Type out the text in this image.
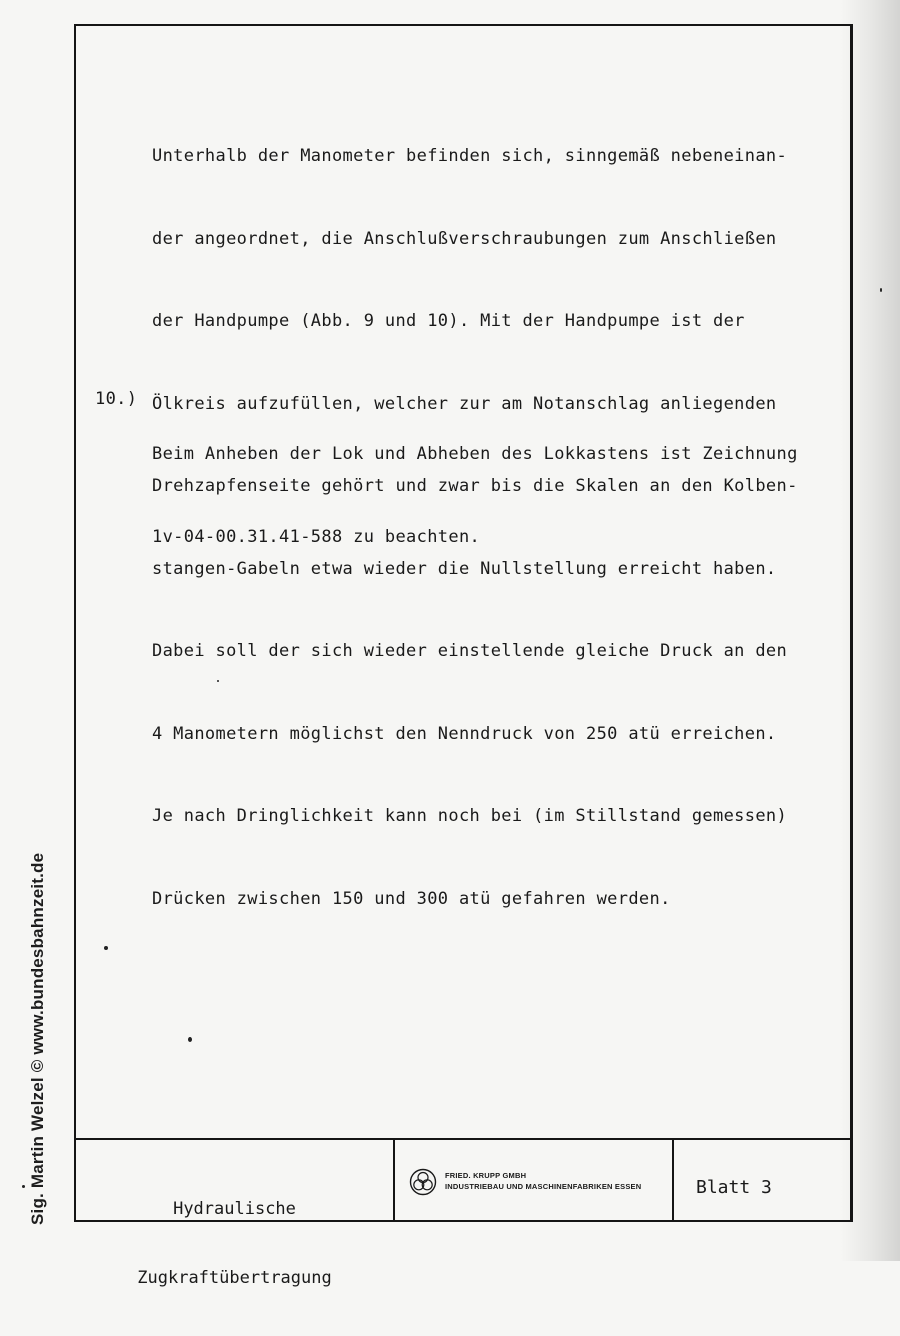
Unterhalb der Manometer befinden sich, sinngemäß nebeneinan-

der angeordnet, die Anschlußverschraubungen zum Anschließen

der Handpumpe (Abb. 9 und 10). Mit der Handpumpe ist der

Ölkreis aufzufüllen, welcher zur am Notanschlag anliegenden

Drehzapfenseite gehört und zwar bis die Skalen an den Kolben-

stangen-Gabeln etwa wieder die Nullstellung erreicht haben.

Dabei soll der sich wieder einstellende gleiche Druck an den

4 Manometern möglichst den Nenndruck von 250 atü erreichen.

Je nach Dringlichkeit kann noch bei (im Stillstand gemessen)

Drücken zwischen 150 und 300 atü gefahren werden.

10.)

Beim Anheben der Lok und Abheben des Lokkastens ist Zeichnung

1v-04-00.31.41-588 zu beachten.

Hydraulische

Zugkraftübertragung

FRIED. KRUPP GMBH
INDUSTRIEBAU UND MASCHINENFABRIKEN ESSEN	Blatt 3
Sig. Martin Welzel © www.bundesbahnzeit.de
